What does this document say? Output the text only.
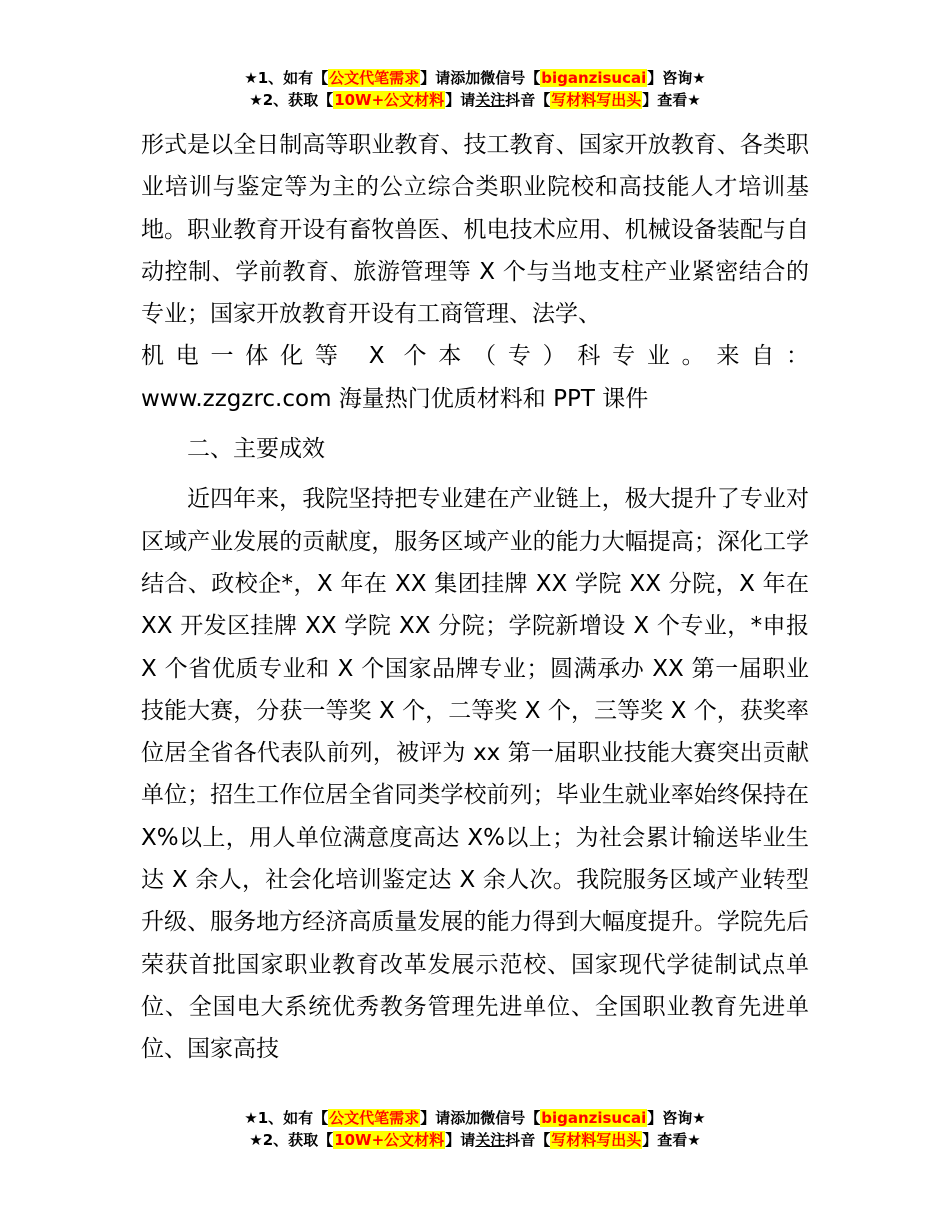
★1、如有【公文代笔需求】请添加微信号【biganzisucai】咨询★
★2、获取【10W+公文材料】请关注抖音【写材料写出头】查看★

形式是以全日制高等职业教育、技工教育、国家开放教育、各类职业培训与鉴定等为主的公立综合类职业院校和高技能人才培训基地。职业教育开设有畜牧兽医、机电技术应用、机械设备装配与自动控制、学前教育、旅游管理等 X 个与当地支柱产业紧密结合的专业；国家开放教育开设有工商管理、法学、
机电一体化等 X 个本（专）科专业。来自：
www.zzgzrc.com 海量热门优质材料和 PPT 课件

二、主要成效

近四年来，我院坚持把专业建在产业链上，极大提升了专业对区域产业发展的贡献度，服务区域产业的能力大幅提高；深化工学结合、政校企*，X 年在 XX 集团挂牌 XX 学院 XX 分院，X 年在 XX 开发区挂牌 XX 学院 XX 分院；学院新增设 X 个专业，*申报 X 个省优质专业和 X 个国家品牌专业；圆满承办 XX 第一届职业技能大赛，分获一等奖 X 个，二等奖 X 个，三等奖 X 个，获奖率位居全省各代表队前列，被评为 xx 第一届职业技能大赛突出贡献单位；招生工作位居全省同类学校前列；毕业生就业率始终保持在 X%以上，用人单位满意度高达 X%以上；为社会累计输送毕业生达 X 余人，社会化培训鉴定达 X 余人次。我院服务区域产业转型升级、服务地方经济高质量发展的能力得到大幅度提升。学院先后荣获首批国家职业教育改革发展示范校、国家现代学徒制试点单位、全国电大系统优秀教务管理先进单位、全国职业教育先进单位、国家高技

★1、如有【公文代笔需求】请添加微信号【biganzisucai】咨询★
★2、获取【10W+公文材料】请关注抖音【写材料写出头】查看★
